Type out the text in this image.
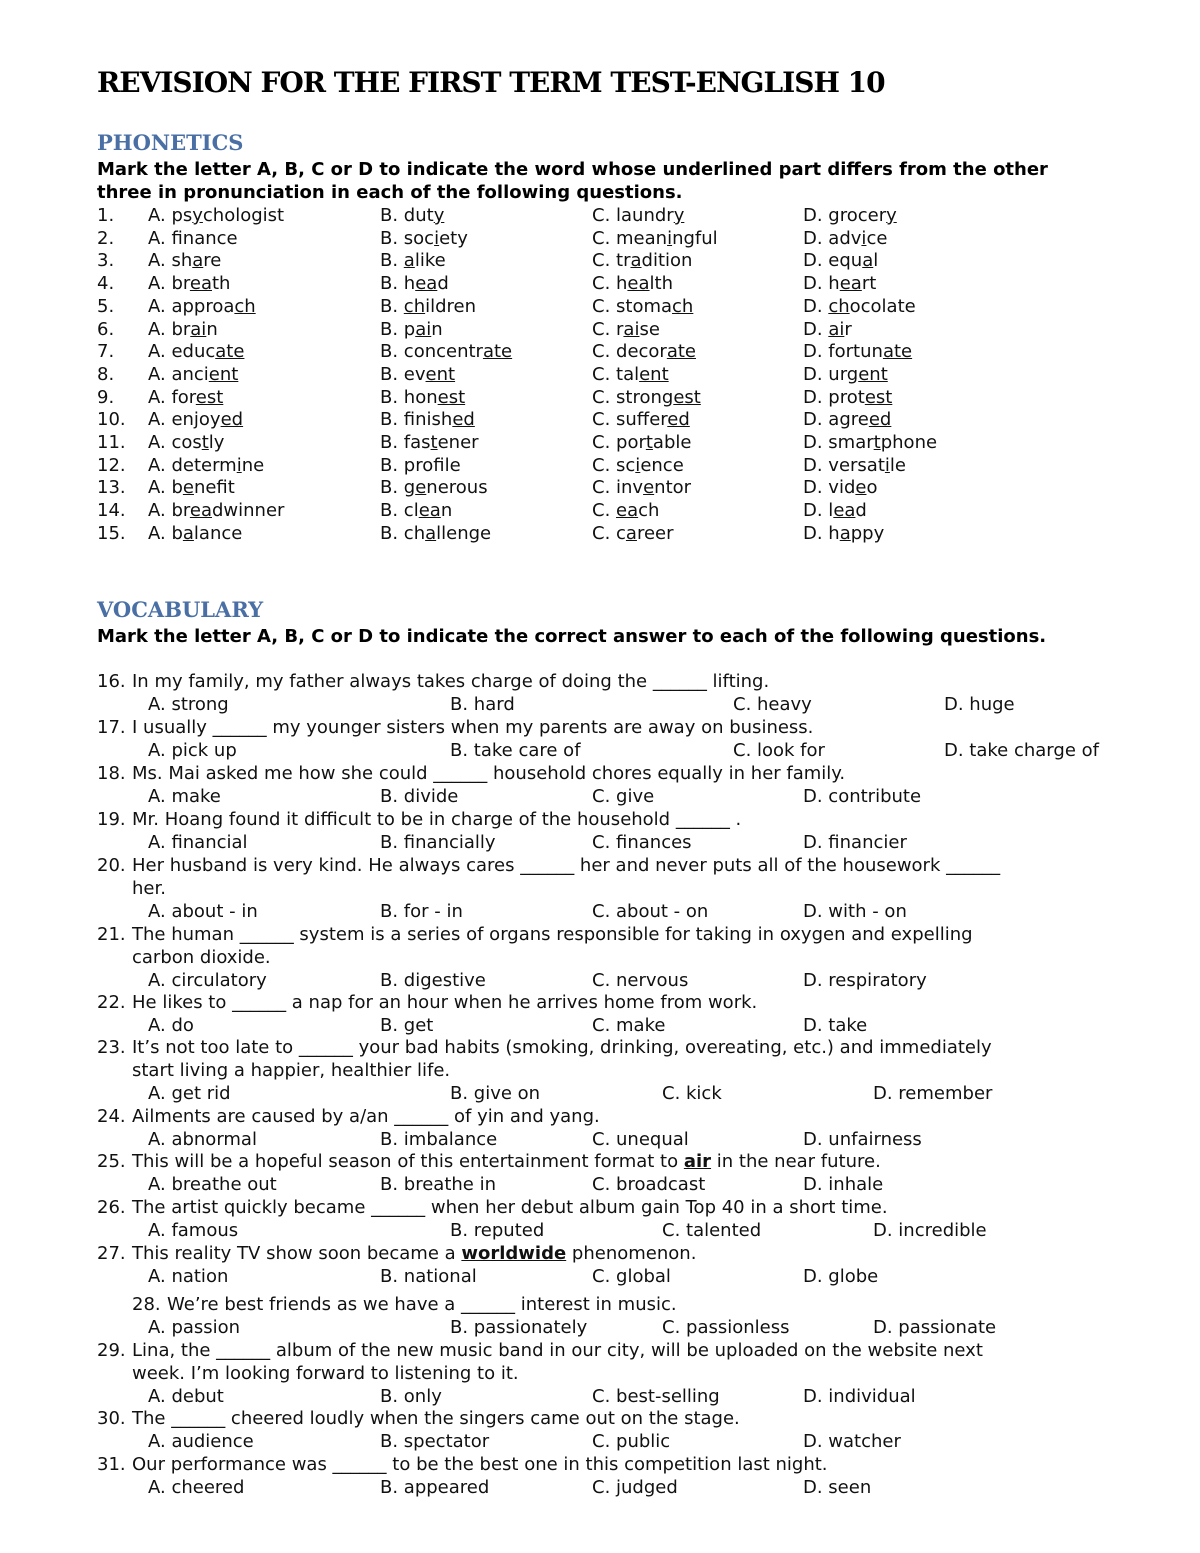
REVISION FOR THE FIRST TERM TEST-ENGLISH 10
PHONETICS

Mark the letter A, B, C or D to indicate the word whose underlined part differs from the other three in pronunciation in each of the following questions.

1. A. psychologist	B. duty	C. laundry	D. grocery
2. A. fnance	B. society	C. meaningful	D. advice
3. A. share	B. alike	C. tradition	D. equal
4. A. breath	B. head	C. health	D. heart
5. A. approach	B. children	C. stomach	D. chocolate
6. A. brain	B. pain	C. raise	D. air
7. A. educate	B. concentrate	C. decorate	D. fortunate
8. A. ancient	B. event	C. talent	D. urgent
9. A. forest	B. honest	C. strongest	D. protest
10. A. enjoyed	B. finished	C. suffered	D. agreed
11. A. costly	B. fastener	C. portable	D. smartphone
12. A. determine	B. profle	C. science	D. versatile
13. A. benefit	B. generous	C. inventor	D. video
14. A. breadwinner	B. clean	C. each	D. lead
15. A. balance	B. challenge	C. career	D. happy
VOCABULARY

Mark the letter A, B, C or D to indicate the correct answer to each of the following questions.

16. In my family, my father always takes charge of doing the ______ lifting.
A. strong	B. hard	C. heavy	D. huge
17. I usually ______ my younger sisters when my parents are away on business.
A. pick up	B. take care of	C. look for	D. take charge of
18. Ms. Mai asked me how she could ______ household chores equally in her family.
A. make	B. divide	C. give	D. contribute
19. Mr. Hoang found it difficult to be in charge of the household ______ .
A. financial	B. financially	C. finances	D. financier
20. Her husband is very kind. He always cares ______ her and never puts all of the housework ______
her.
A. about - in	B. for - in	C. about - on	D. with - on
21. The human ______ system is a series of organs responsible for taking in oxygen and expelling
carbon dioxide.
A. circulatory	B. digestive	C. nervous	D. respiratory
22. He likes to ______ a nap for an hour when he arrives home from work.
A. do	B. get	C. make	D. take
23. It’s not too late to ______ your bad habits (smoking, drinking, overeating, etc.) and immediately
start living a happier, healthier life.
A. get rid	B. give on	C. kick	D. remember
24. Ailments are caused by a/an ______ of yin and yang.
A. abnormal	B. imbalance	C. unequal	D. unfairness
25. This will be a hopeful season of this entertainment format to air in the near future.
A. breathe out	B. breathe in	C. broadcast	D. inhale
26. The artist quickly became ______ when her debut album gain Top 40 in a short time.
A. famous	B. reputed	C. talented	D. incredible
27. This reality TV show soon became a worldwide phenomenon.
A. nation	B. national	C. global	D. globe
28. We’re best friends as we have a ______ interest in music.
A. passion	B. passionately	C. passionless	D. passionate
29. Lina, the ______ album of the new music band in our city, will be uploaded on the website next
week. I’m looking forward to listening to it.
A. debut	B. only	C. best-selling	D. individual
30. The ______ cheered loudly when the singers came out on the stage.
A. audience	B. spectator	C. public	D. watcher
31. Our performance was ______ to be the best one in this competition last night.
A. cheered	B. appeared	C. judged	D. seen
